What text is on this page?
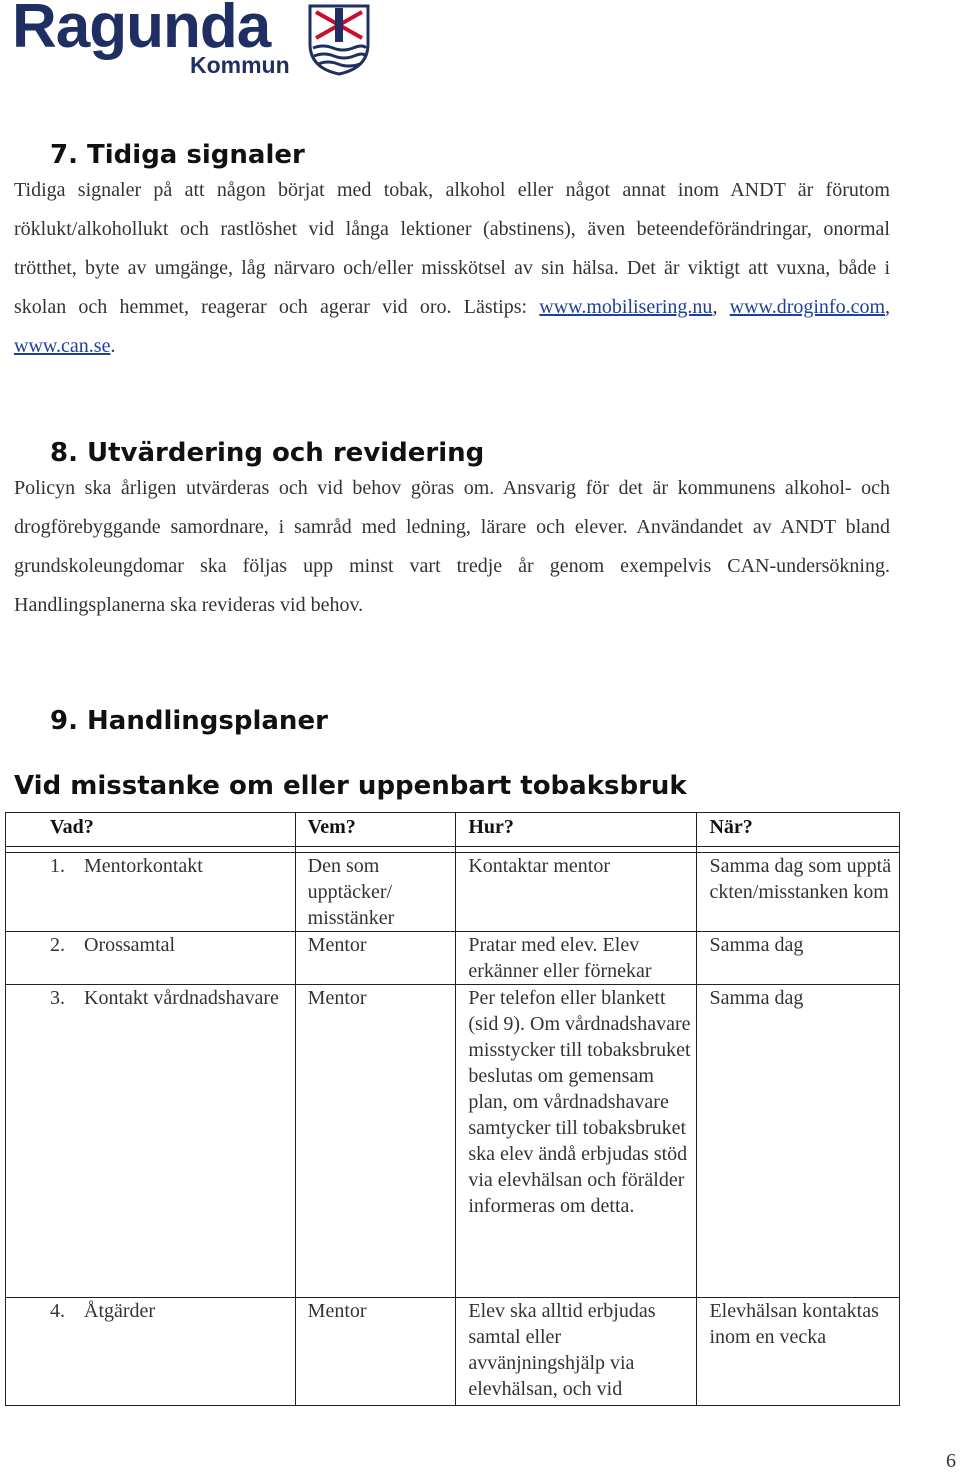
Ragunda
Kommun
7. Tidiga signaler

Tidiga signaler på att någon börjat med tobak, alkohol eller något annat inom ANDT är förutom röklukt/alkohollukt och rastlöshet vid långa lektioner (abstinens), även beteendeförändringar, onormal trötthet, byte av umgänge, låg närvaro och/eller misskötsel av sin hälsa. Det är viktigt att vuxna, både i skolan och hemmet, reagerar och agerar vid oro. Lästips: www.mobilisering.nu, www.droginfo.com, www.can.se.

8. Utvärdering och revidering

Policyn ska årligen utvärderas och vid behov göras om. Ansvarig för det är kommunens alkohol- och drogförebyggande samordnare, i samråd med ledning, lärare och elever. Användandet av ANDT bland grundskoleungdomar ska följas upp minst vart tredje år genom exempelvis CAN-undersökning. Handlingsplanerna ska revideras vid behov.

9. Handlingsplaner
Vid misstanke om eller uppenbart tobaksbruk
Vad?	Vem?	Hur?	När?

1. Mentorkontakt	Den som upptäcker/ misstänker	Kontaktar mentor	Samma dag som upptäckten/misstanken kom

2. Orossamtal	Mentor	Pratar med elev. Elev erkänner eller förnekar	Samma dag

3. Kontakt vårdnadshavare	Mentor	Per telefon eller blankett (sid 9). Om vårdnadshavare misstycker till tobaksbruket beslutas om gemensam plan, om vårdnadshavare samtycker till tobaksbruket ska elev ändå erbjudas stöd via elevhälsan och förälder informeras om detta.	Samma dag

4. Åtgärder	Mentor	Elev ska alltid erbjudas samtal eller avvänjningshjälp via elevhälsan, och vid	Elevhälsan kontaktas inom en vecka
6
